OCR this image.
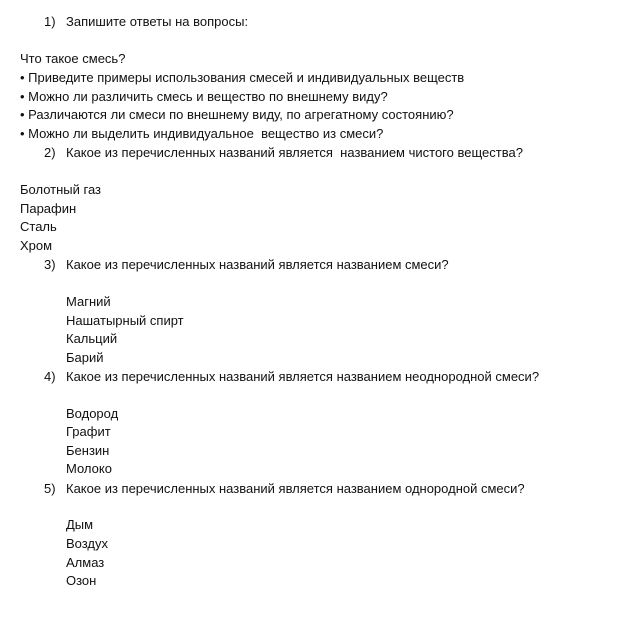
1) Запишите ответы на вопросы:
Что такое смесь?
• Приведите примеры использования смесей и индивидуальных веществ
• Можно ли различить смесь и вещество по внешнему виду?
• Различаются ли смеси по внешнему виду, по агрегатному состоянию?
• Можно ли выделить индивидуальное  вещество из смеси?
2) Какое из перечисленных названий является  названием чистого вещества?
Болотный газ
Парафин
Сталь
Хром
3) Какое из перечисленных названий является названием смеси?
Магний
Нашатырный спирт
Кальций
Барий
4) Какое из перечисленных названий является названием неоднородной смеси?
Водород
Графит
Бензин
Молоко
5) Какое из перечисленных названий является названием однородной смеси?
Дым
Воздух
Алмаз
Озон
